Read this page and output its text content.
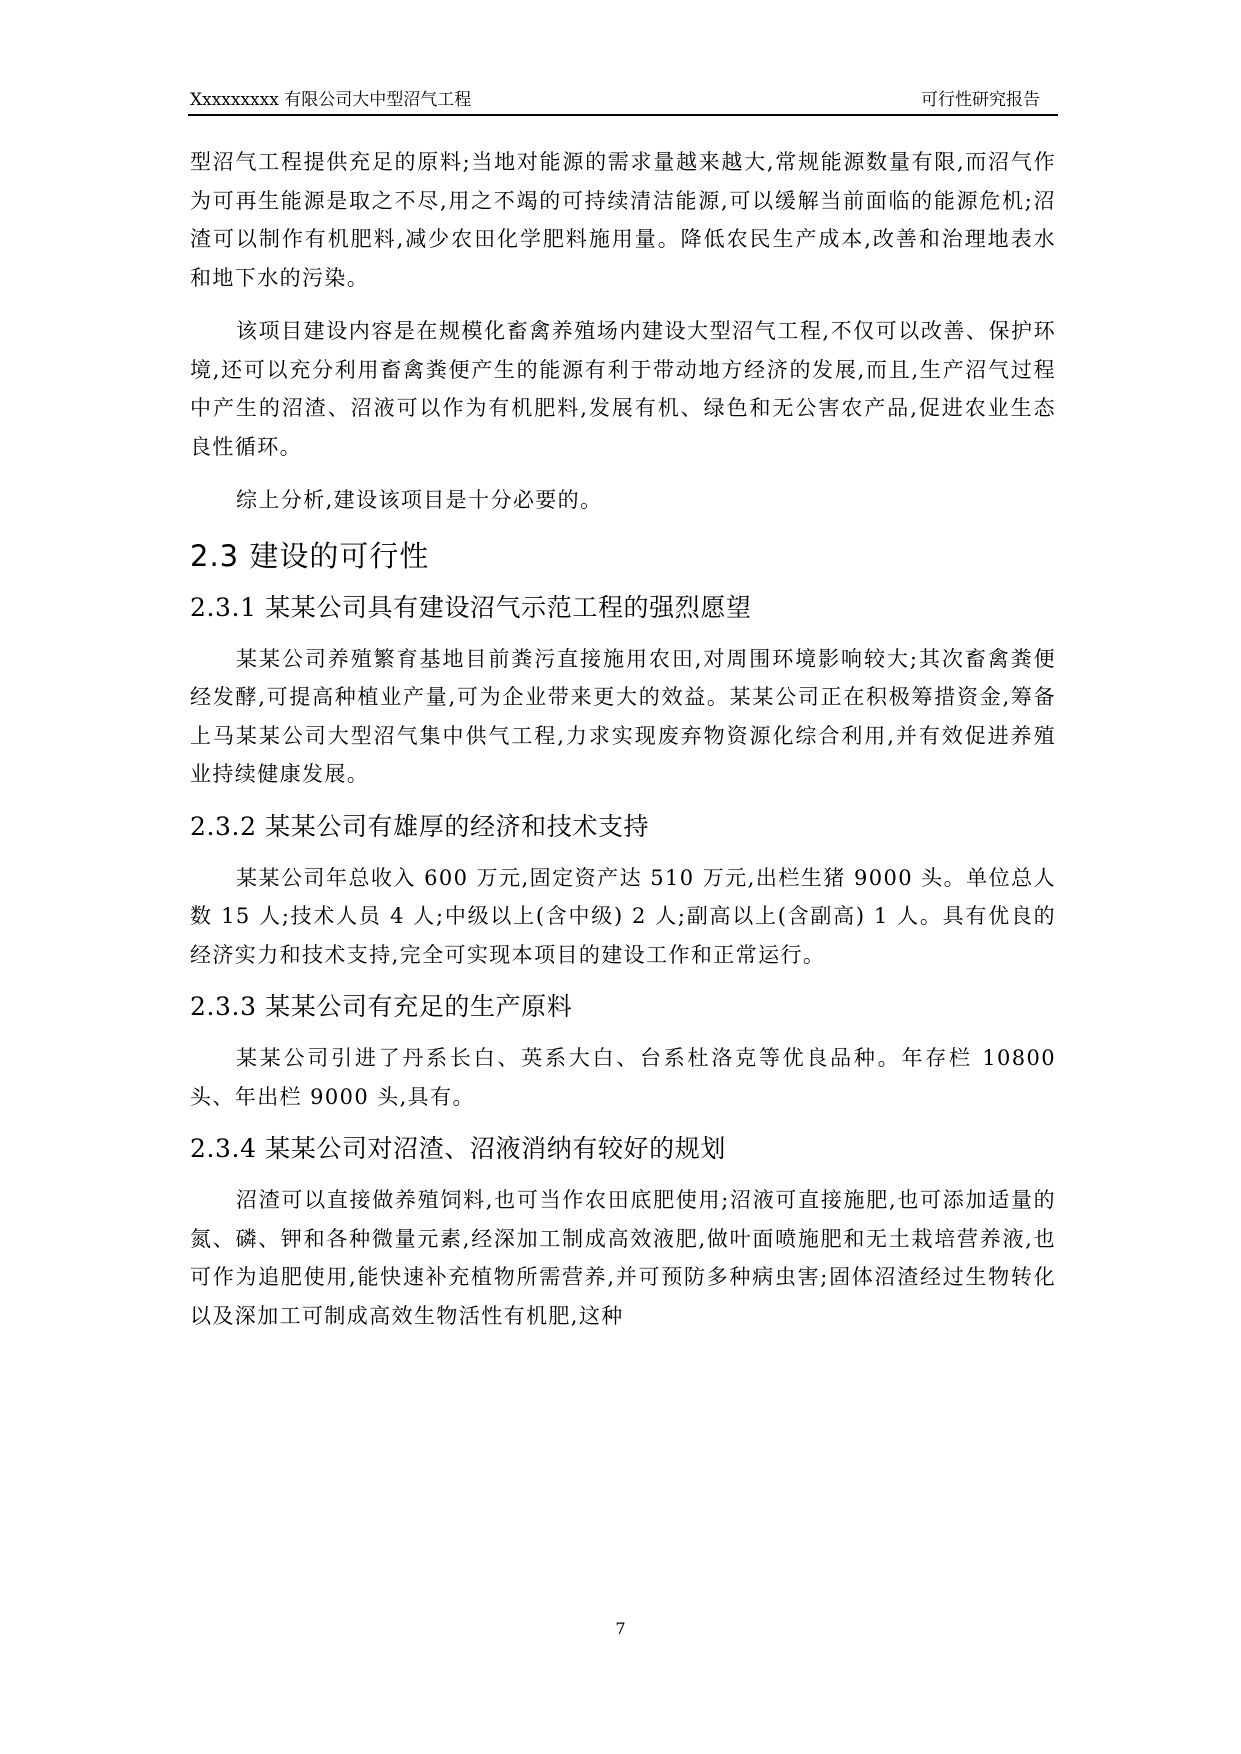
Xxxxxxxxx 有限公司大中型沼气工程	可行性研究报告

型沼气工程提供充足的原料;当地对能源的需求量越来越大,常规能源数量有限,而沼气作为可再生能源是取之不尽,用之不竭的可持续清洁能源,可以缓解当前面临的能源危机;沼渣可以制作有机肥料,减少农田化学肥料施用量。降低农民生产成本,改善和治理地表水和地下水的污染。

该项目建设内容是在规模化畜禽养殖场内建设大型沼气工程,不仅可以改善、保护环境,还可以充分利用畜禽粪便产生的能源有利于带动地方经济的发展,而且,生产沼气过程中产生的沼渣、沼液可以作为有机肥料,发展有机、绿色和无公害农产品,促进农业生态良性循环。

综上分析,建设该项目是十分必要的。

2.3 建设的可行性
2.3.1 某某公司具有建设沼气示范工程的强烈愿望

某某公司养殖繁育基地目前粪污直接施用农田,对周围环境影响较大;其次畜禽粪便经发酵,可提高种植业产量,可为企业带来更大的效益。某某公司正在积极筹措资金,筹备上马某某公司大型沼气集中供气工程,力求实现废弃物资源化综合利用,并有效促进养殖业持续健康发展。

2.3.2 某某公司有雄厚的经济和技术支持

某某公司年总收入 600 万元,固定资产达 510 万元,出栏生猪 9000 头。单位总人数 15 人;技术人员 4 人;中级以上(含中级) 2 人;副高以上(含副高) 1 人。具有优良的经济实力和技术支持,完全可实现本项目的建设工作和正常运行。

2.3.3 某某公司有充足的生产原料

某某公司引进了丹系长白、英系大白、台系杜洛克等优良品种。年存栏 10800 头、年出栏 9000 头,具有。

2.3.4 某某公司对沼渣、沼液消纳有较好的规划

沼渣可以直接做养殖饲料,也可当作农田底肥使用;沼液可直接施肥,也可添加适量的氮、磷、钾和各种微量元素,经深加工制成高效液肥,做叶面喷施肥和无土栽培营养液,也可作为追肥使用,能快速补充植物所需营养,并可预防多种病虫害;固体沼渣经过生物转化以及深加工可制成高效生物活性有机肥,这种

7
